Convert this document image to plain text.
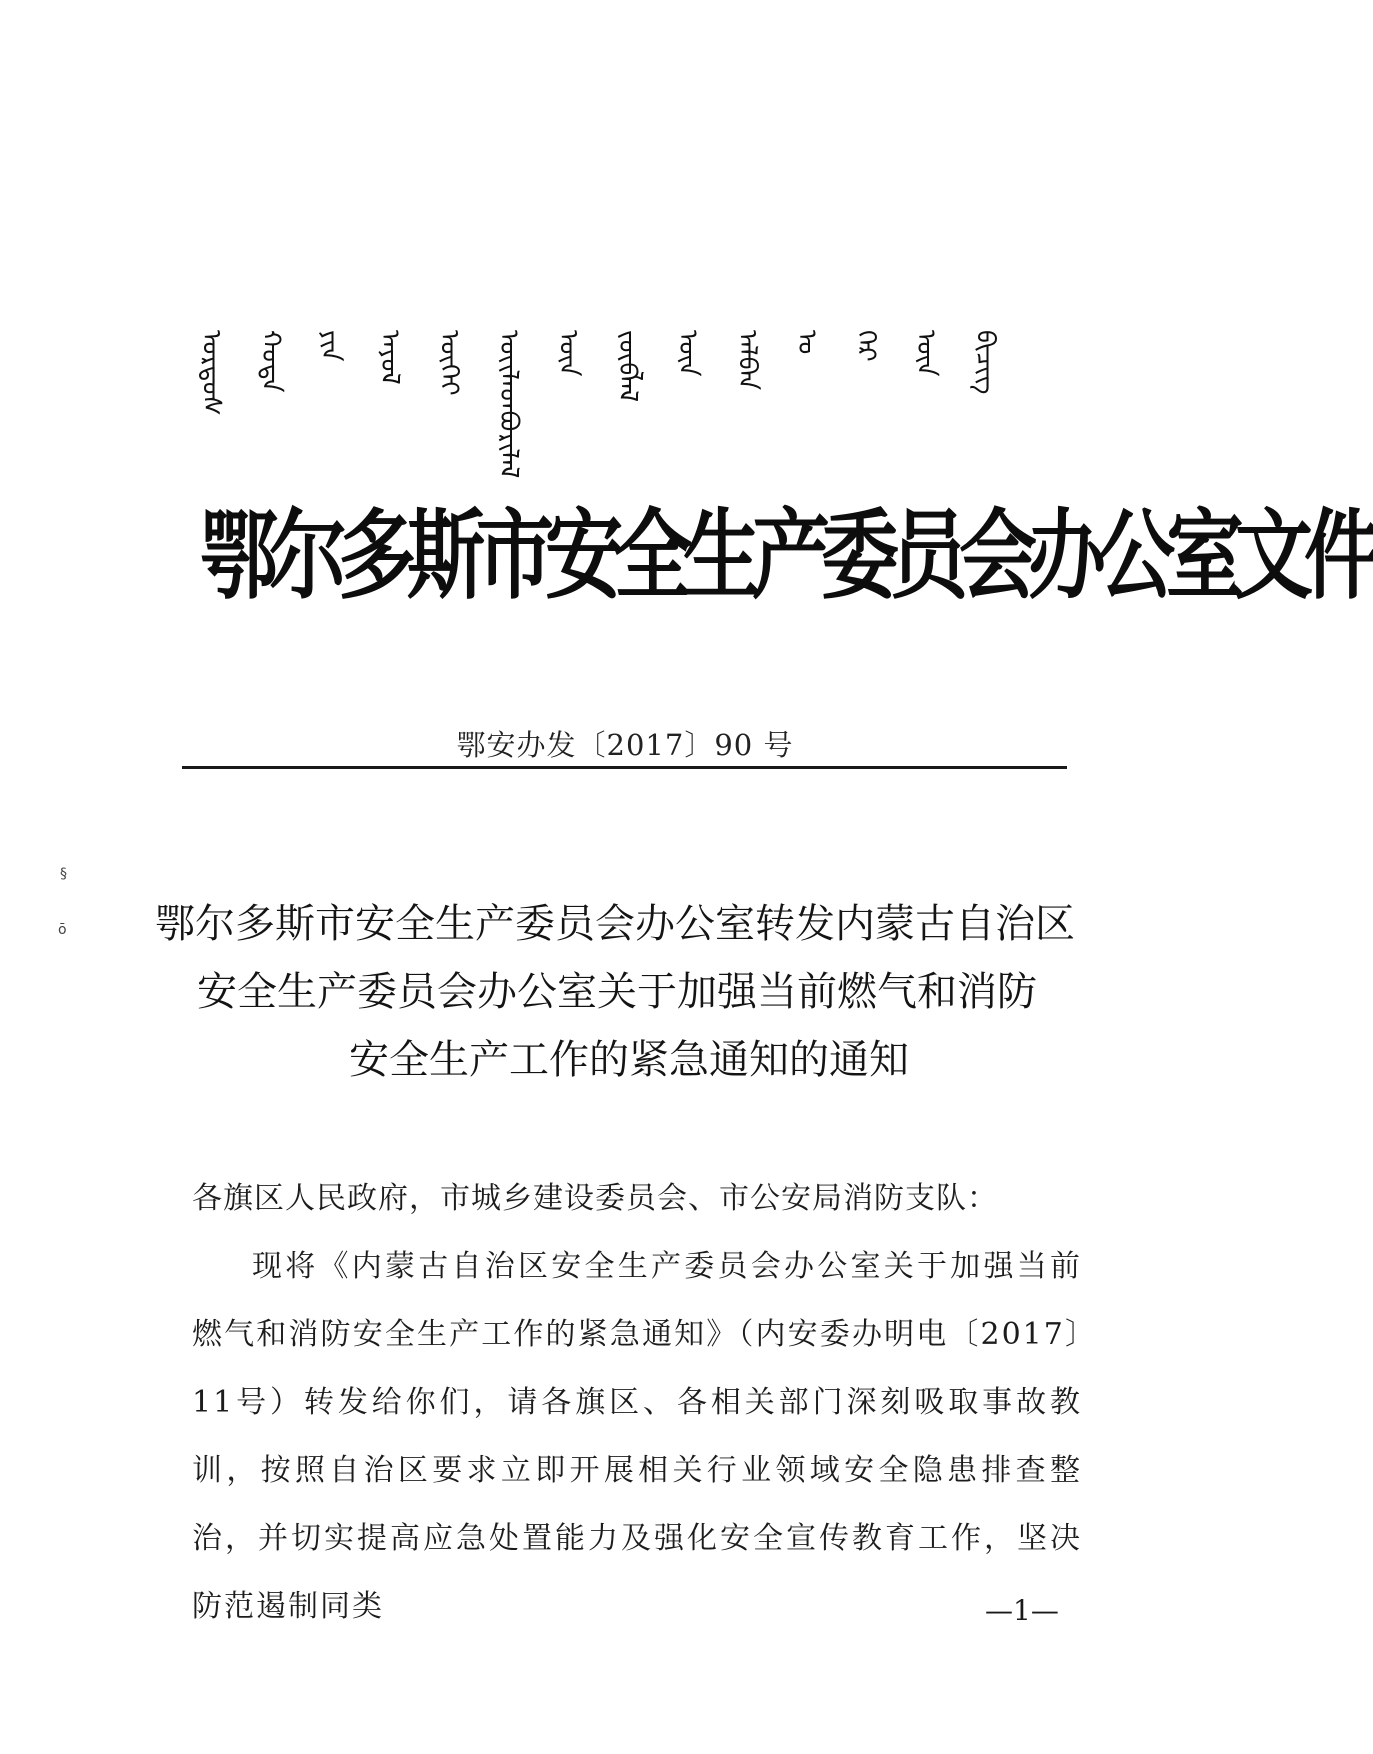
ᠣᠷᠳᠣᠰ ᠬᠣᠲᠠ ᠶᠢᠨ ᠠᠶᠤᠯ ᠦᠭᠡᠢ ᠦᠢᠯᠡᠳᠪᠦᠷᠢᠯᠡᠯ ᠦᠨ ᠵᠥᠪᠯᠡᠯ ᠦᠨ ᠠᠯᠪᠠᠨ ᠤ ᠭᠡᠷ ᠦᠨ ᠪᠢᠴᠢᠭ
鄂尔多斯市安全生产委员会办公室文件
鄂安办发〔2017〕90 号
§
ō	鄂尔多斯市安全生产委员会办公室转发内蒙古自治区
安全生产委员会办公室关于加强当前燃气和消防
安全生产工作的紧急通知的通知
各旗区人民政府，市城乡建设委员会、市公安局消防支队：
现将《内蒙古自治区安全生产委员会办公室关于加强当前燃气和消防安全生产工作的紧急通知》（内安委办明电〔2017〕11号）转发给你们，请各旗区、各相关部门深刻吸取事故教训，按照自治区要求立即开展相关行业领域安全隐患排查整治，并切实提高应急处置能力及强化安全宣传教育工作，坚决防范遏制同类	—1—
